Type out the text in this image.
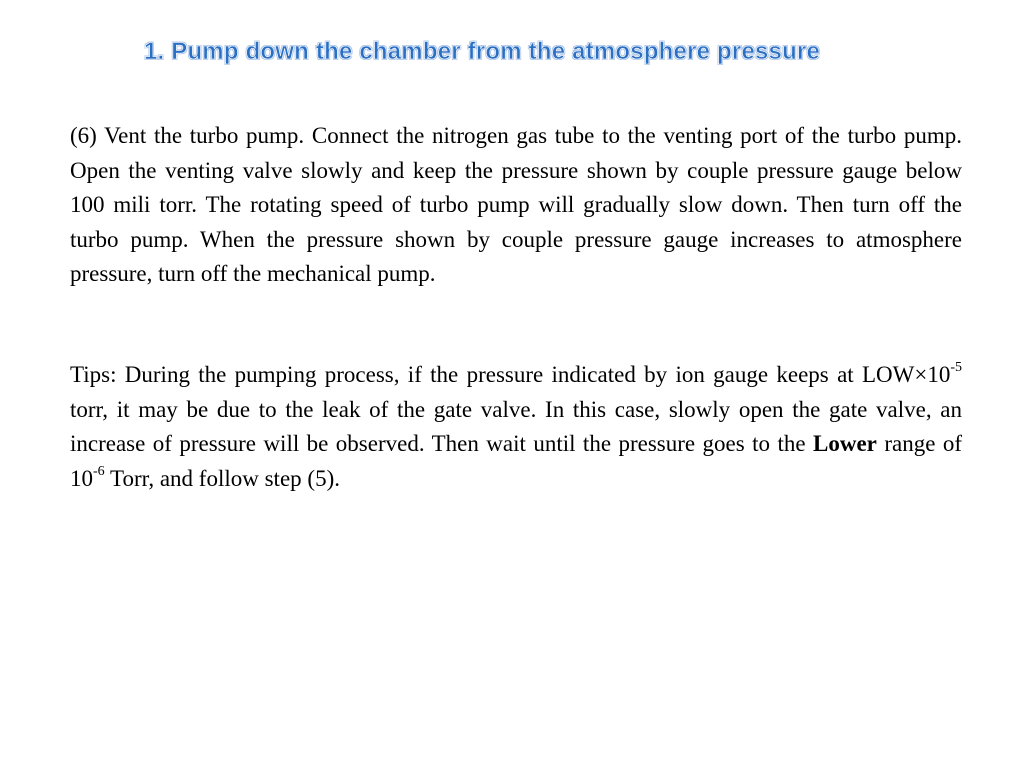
1. Pump down the chamber from the atmosphere pressure

(6) Vent the turbo pump. Connect the nitrogen gas tube to the venting port of the turbo pump. Open the venting valve slowly and keep the pressure shown by couple pressure gauge below 100 mili torr. The rotating speed of turbo pump will gradually slow down. Then turn off the turbo pump. When the pressure shown by couple pressure gauge increases to atmosphere pressure, turn off the mechanical pump.

Tips: During the pumping process, if the pressure indicated by ion gauge keeps at $LOW\times 10^{-5}$ torr, it may be due to the leak of the gate valve. In this case, slowly open the gate valve, an increase of pressure will be observed. Then wait until the pressure goes to the Lower range of $10^{-6}$ Torr, and follow step (5).
